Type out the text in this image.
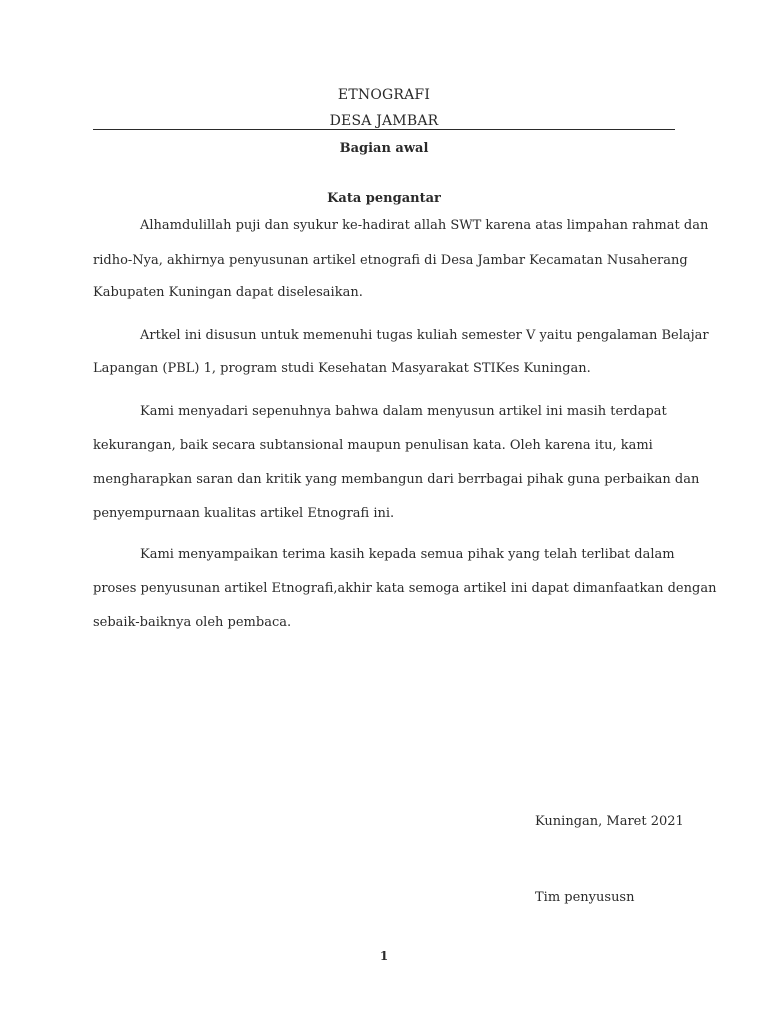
ETNOGRAFI
DESA JAMBAR
Bagian awal
Kata pengantar
Alhamdulillah puji dan syukur ke-hadirat allah SWT karena atas limpahan rahmat dan
ridho-Nya, akhirnya penyusunan artikel etnografi di Desa Jambar Kecamatan Nusaherang
Kabupaten Kuningan dapat diselesaikan.
Artkel ini disusun untuk memenuhi tugas kuliah semester V yaitu pengalaman Belajar
Lapangan (PBL) 1, program studi Kesehatan Masyarakat STIKes Kuningan.
Kami menyadari sepenuhnya bahwa dalam menyusun artikel ini masih terdapat
kekurangan, baik secara subtansional maupun penulisan kata. Oleh karena itu, kami
mengharapkan saran dan kritik yang membangun dari berrbagai pihak guna perbaikan dan
penyempurnaan kualitas artikel Etnografi ini.
Kami menyampaikan terima kasih kepada semua pihak yang telah terlibat dalam
proses penyusunan artikel Etnografi,akhir kata semoga artikel ini dapat dimanfaatkan dengan
sebaik-baiknya oleh pembaca.
Kuningan, Maret 2021
Tim penyususn
1
